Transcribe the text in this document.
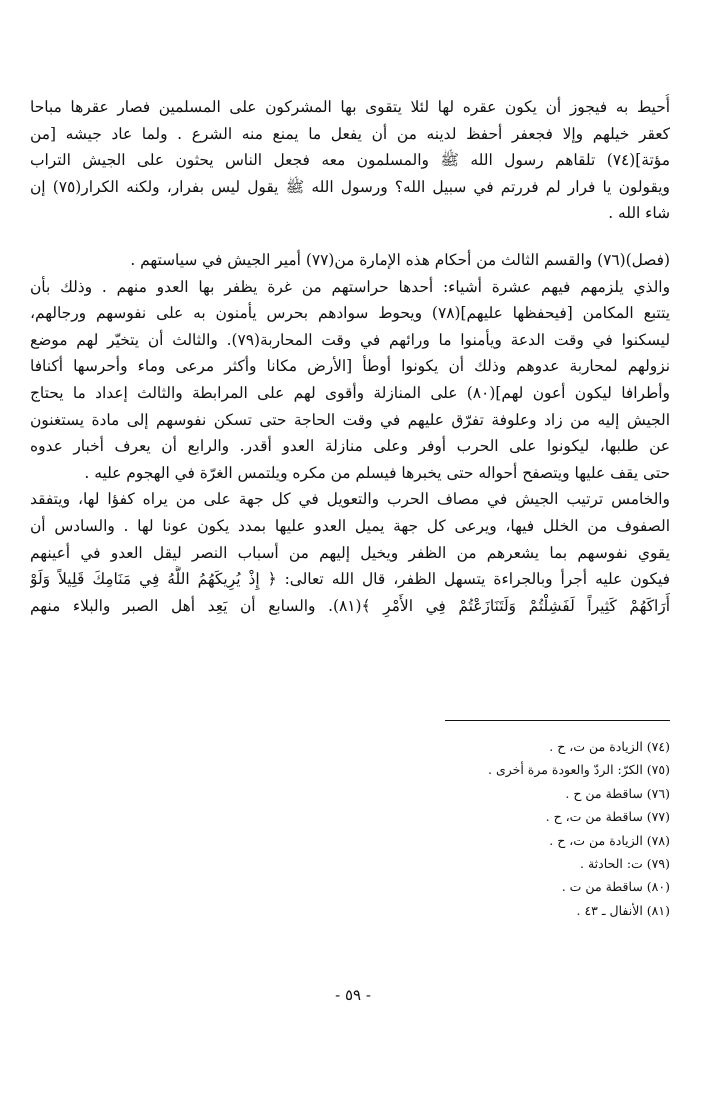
أُحيط به فيجوز أن يكون عقره لها لئلا يتقوى بها المشركون على المسلمين فصار عقرها مباحا
كعقر خيلهم وإلا فجعفر أحفظ لدينه من أن يفعل ما يمنع منه الشرع . ولما عاد جيشه [من
مؤتة](٧٤) تلقاهم رسول الله ﷺ والمسلمون معه فجعل الناس يحثون على الجيش التراب
ويقولون يا فرار لم فررتم في سبيل الله؟ ورسول الله ﷺ يقول ليس بفرار، ولكنه الكرار(٧٥) إن
شاء الله .

(فصل)(٧٦) والقسم الثالث من أحكام هذه الإمارة من(٧٧) أمير الجيش في سياستهم .
والذي يلزمهم فيهم عشرة أشياء: أحدها حراستهم من غرة يظفر بها العدو منهم . وذلك بأن
يتتبع المكامن [فيحفظها عليهم](٧٨) ويحوط سوادهم بحرس يأمنون به على نفوسهم ورجالهم،
ليسكنوا في وقت الدعة ويأمنوا ما ورائهم في وقت المحاربة(٧٩). والثالث أن يتخيّر لهم موضع
نزولهم لمحاربة عدوهم وذلك أن يكونوا أوطأ [الأرض مكانا وأكثر مرعى وماء وأحرسها أكنافا
وأطرافا ليكون أعون لهم](٨٠) على المنازلة وأقوى لهم على المرابطة والثالث إعداد ما يحتاج
الجيش إليه من زاد وعلوفة تفرّق عليهم في وقت الحاجة حتى تسكن نفوسهم إلى مادة يستغنون
عن طلبها، ليكونوا على الحرب أوفر وعلى منازلة العدو أقدر. والرابع أن يعرف أخبار عدوه
حتى يقف عليها ويتصفح أحواله حتى يخبرها فيسلم من مكره ويلتمس الغرّة في الهجوم عليه .
والخامس ترتيب الجيش في مصاف الحرب والتعويل في كل جهة على من يراه كفؤا لها، ويتفقد
الصفوف من الخلل فيها، ويرعى كل جهة يميل العدو عليها بمدد يكون عونا لها . والسادس أن
يقوي نفوسهم بما يشعرهم من الظفر ويخيل إليهم من أسباب النصر ليقل العدو في أعينهم
فيكون عليه أجرأ وبالجراءة يتسهل الظفر، قال الله تعالى: ﴿ إِذْ يُرِيكَهُمُ اللَّهُ فِي مَنَامِكَ قَلِيلاً وَلَوْ
أَرَاكَهُمْ كَثِيراً لَفَشِلْتُمْ وَلَتَنَازَعْتُمْ فِي الأَمْرِ ﴾(٨١). والسابع أن يَعِد أهل الصبر والبلاء منهم

(٧٤) الزيادة من ت، ح .
(٧٥) الكرّ: الردّ والعودة مرة أخرى .
(٧٦) ساقطة من ح .
(٧٧) ساقطة من ت، ح .
(٧٨) الزيادة من ت، ح .
(٧٩) ت: الحادثة .
(٨٠) ساقطة من ت .
(٨١) الأنفال ـ ٤٣ .
- ٥٩ -
